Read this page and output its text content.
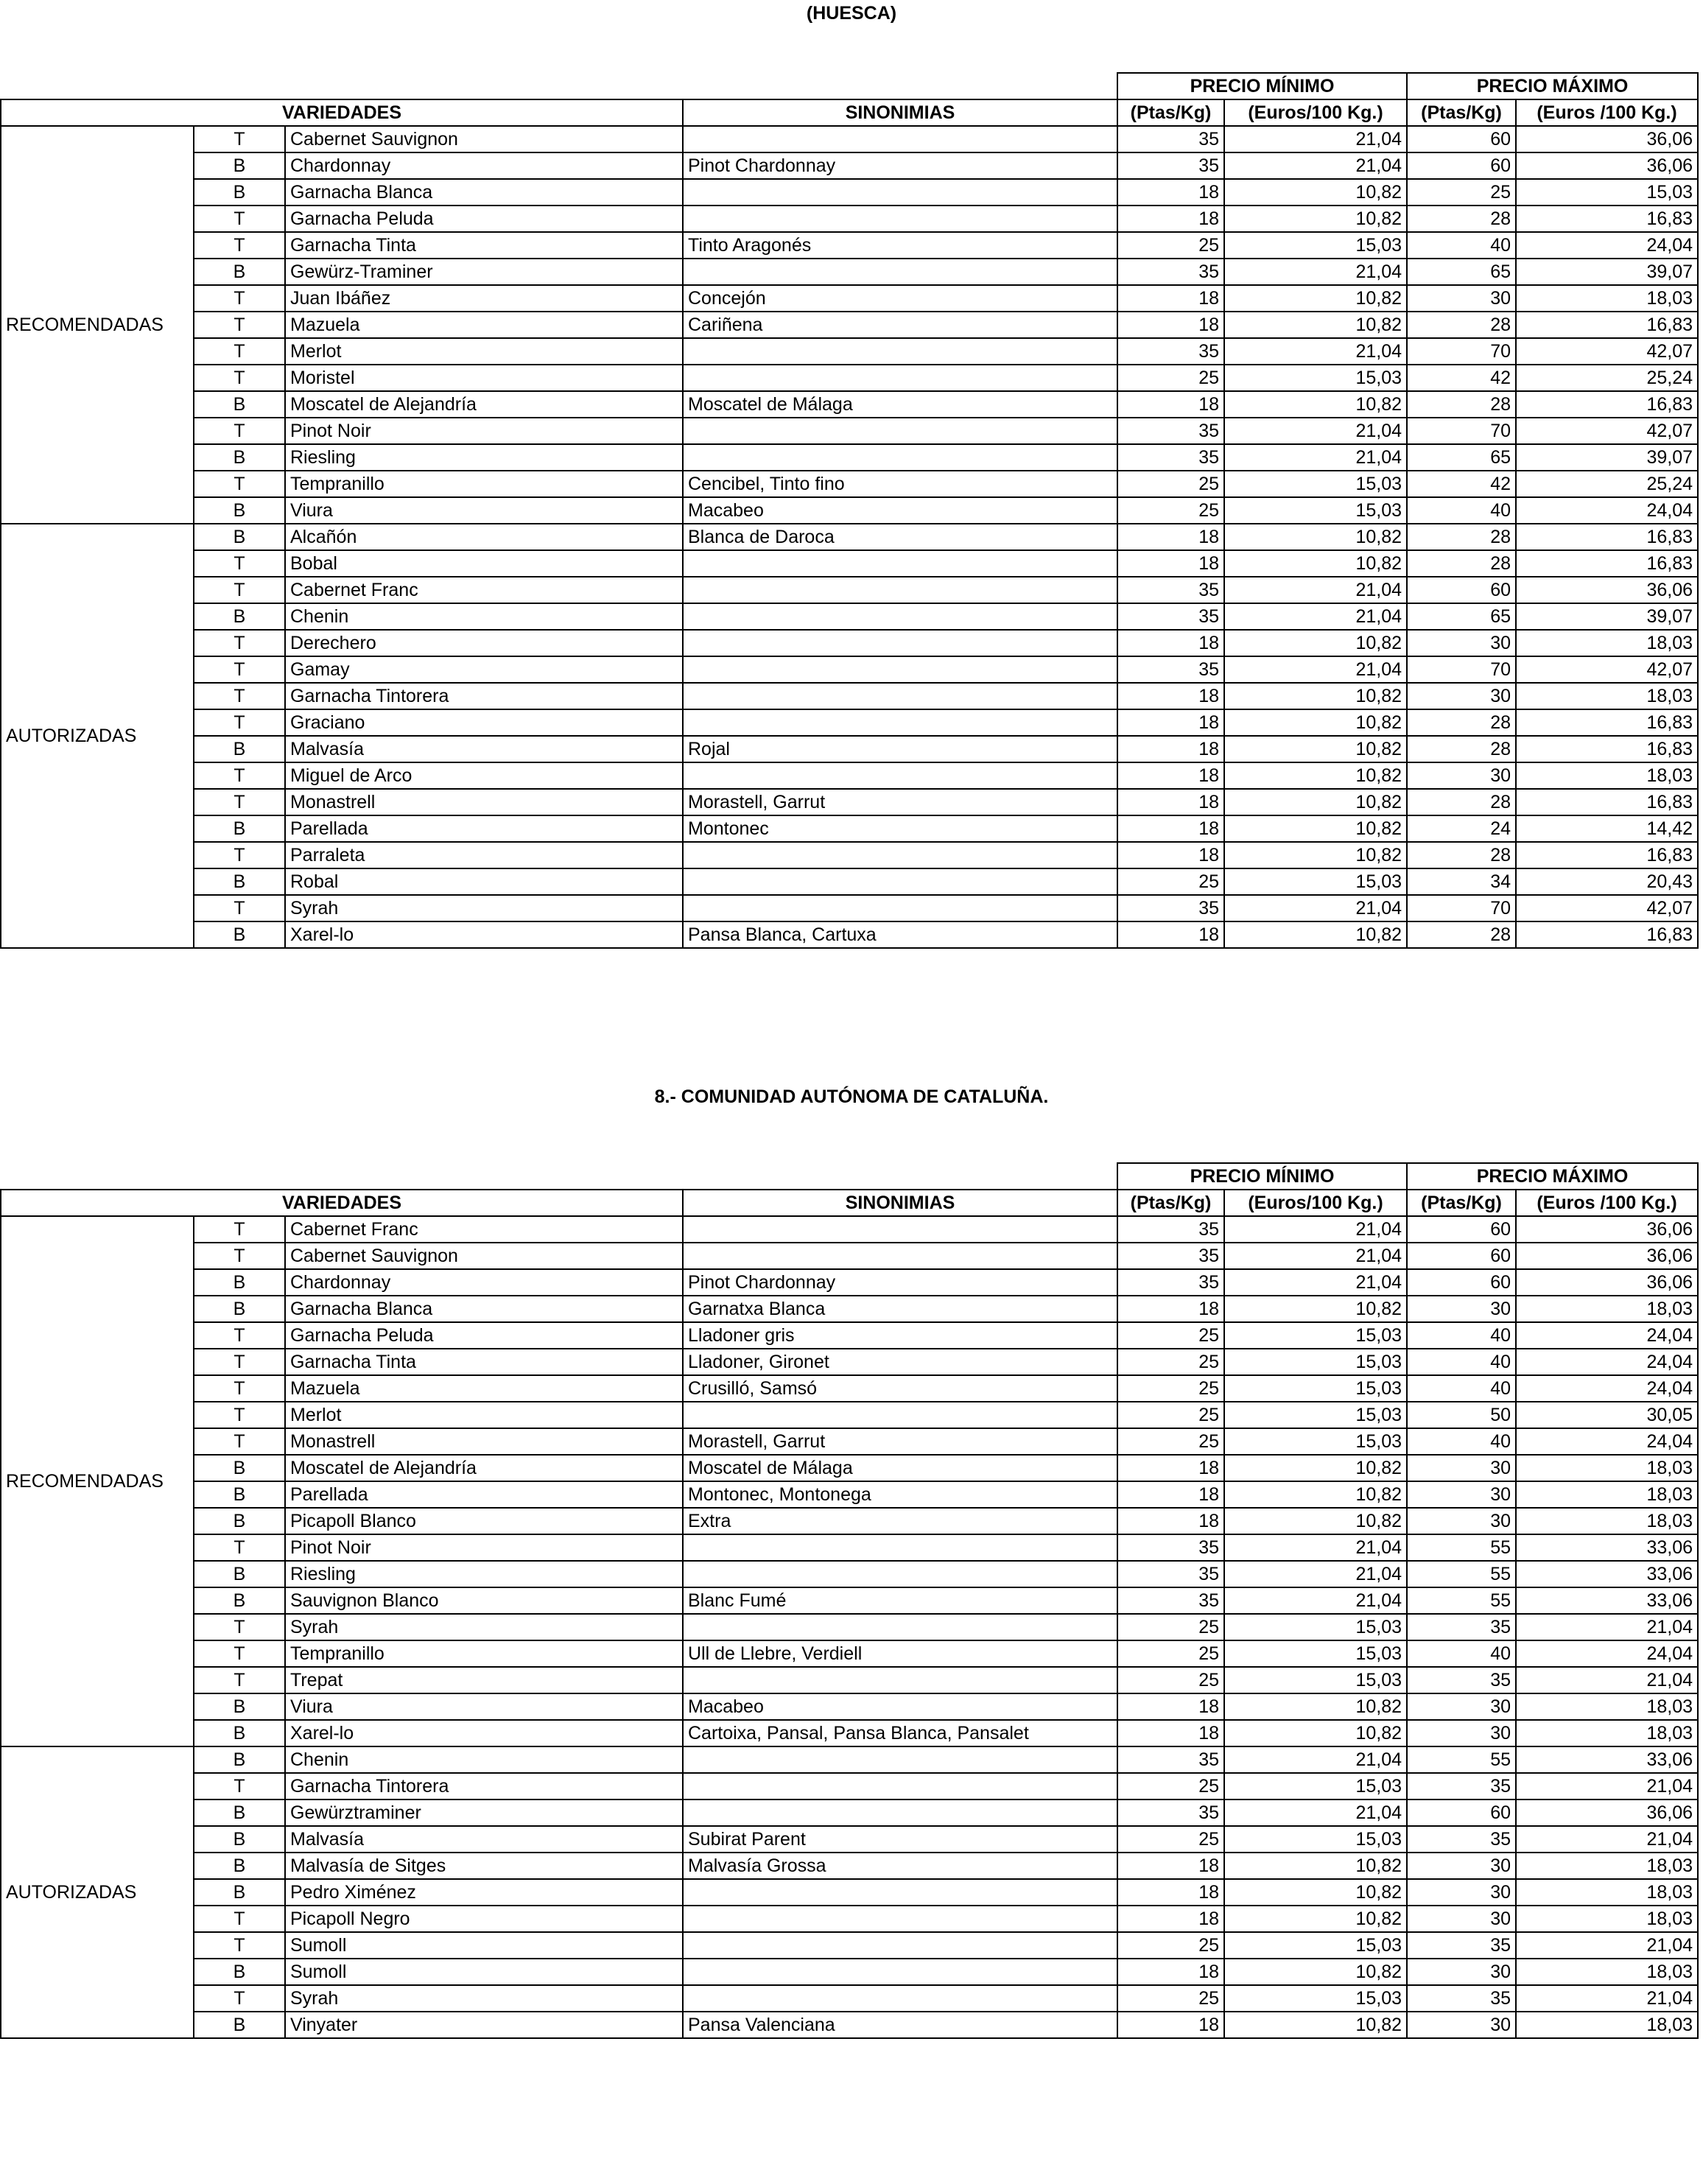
(HUESCA)
				PRECIO MÍNIMO		PRECIO MÁXIMO	
VARIEDADES			SINONIMIAS	(Ptas/Kg)	(Euros/100 Kg.)	(Ptas/Kg)	(Euros /100 Kg.)
RECOMENDADAS	T	Cabernet Sauvignon		35	21,04	60	36,06
	B	Chardonnay	Pinot Chardonnay	35	21,04	60	36,06
	B	Garnacha Blanca		18	10,82	25	15,03
	T	Garnacha Peluda		18	10,82	28	16,83
	T	Garnacha Tinta	Tinto Aragonés	25	15,03	40	24,04
	B	Gewürz-Traminer		35	21,04	65	39,07
	T	Juan Ibáñez	Concejón	18	10,82	30	18,03
	T	Mazuela	Cariñena	18	10,82	28	16,83
	T	Merlot		35	21,04	70	42,07
	T	Moristel		25	15,03	42	25,24
	B	Moscatel de Alejandría	Moscatel de Málaga	18	10,82	28	16,83
	T	Pinot Noir		35	21,04	70	42,07
	B	Riesling		35	21,04	65	39,07
	T	Tempranillo	Cencibel, Tinto fino	25	15,03	42	25,24
	B	Viura	Macabeo	25	15,03	40	24,04
AUTORIZADAS	B	Alcañón	Blanca de Daroca	18	10,82	28	16,83
	T	Bobal		18	10,82	28	16,83
	T	Cabernet Franc		35	21,04	60	36,06
	B	Chenin		35	21,04	65	39,07
	T	Derechero		18	10,82	30	18,03
	T	Gamay		35	21,04	70	42,07
	T	Garnacha Tintorera		18	10,82	30	18,03
	T	Graciano		18	10,82	28	16,83
	B	Malvasía	Rojal	18	10,82	28	16,83
	T	Miguel de Arco		18	10,82	30	18,03
	T	Monastrell	Morastell, Garrut	18	10,82	28	16,83
	B	Parellada	Montonec	18	10,82	24	14,42
	T	Parraleta		18	10,82	28	16,83
	B	Robal		25	15,03	34	20,43
	T	Syrah		35	21,04	70	42,07
	B	Xarel-lo	Pansa Blanca, Cartuxa	18	10,82	28	16,83
8.- COMUNIDAD AUTÓNOMA DE CATALUÑA.
				PRECIO MÍNIMO		PRECIO MÁXIMO	
VARIEDADES			SINONIMIAS	(Ptas/Kg)	(Euros/100 Kg.)	(Ptas/Kg)	(Euros /100 Kg.)
RECOMENDADAS	T	Cabernet Franc		35	21,04	60	36,06
	T	Cabernet Sauvignon		35	21,04	60	36,06
	B	Chardonnay	Pinot Chardonnay	35	21,04	60	36,06
	B	Garnacha Blanca	Garnatxa Blanca	18	10,82	30	18,03
	T	Garnacha Peluda	Lladoner gris	25	15,03	40	24,04
	T	Garnacha Tinta	Lladoner, Gironet	25	15,03	40	24,04
	T	Mazuela	Crusilló, Samsó	25	15,03	40	24,04
	T	Merlot		25	15,03	50	30,05
	T	Monastrell	Morastell, Garrut	25	15,03	40	24,04
	B	Moscatel de Alejandría	Moscatel de Málaga	18	10,82	30	18,03
	B	Parellada	Montonec, Montonega	18	10,82	30	18,03
	B	Picapoll Blanco	Extra	18	10,82	30	18,03
	T	Pinot Noir		35	21,04	55	33,06
	B	Riesling		35	21,04	55	33,06
	B	Sauvignon Blanco	Blanc Fumé	35	21,04	55	33,06
	T	Syrah		25	15,03	35	21,04
	T	Tempranillo	Ull de Llebre, Verdiell	25	15,03	40	24,04
	T	Trepat		25	15,03	35	21,04
	B	Viura	Macabeo	18	10,82	30	18,03
	B	Xarel-lo	Cartoixa, Pansal, Pansa Blanca, Pansalet	18	10,82	30	18,03
AUTORIZADAS	B	Chenin		35	21,04	55	33,06
	T	Garnacha Tintorera		25	15,03	35	21,04
	B	Gewürztraminer		35	21,04	60	36,06
	B	Malvasía	Subirat Parent	25	15,03	35	21,04
	B	Malvasía de Sitges	Malvasía Grossa	18	10,82	30	18,03
	B	Pedro Ximénez		18	10,82	30	18,03
	T	Picapoll Negro		18	10,82	30	18,03
	T	Sumoll		25	15,03	35	21,04
	B	Sumoll		18	10,82	30	18,03
	T	Syrah		25	15,03	35	21,04
	B	Vinyater	Pansa Valenciana	18	10,82	30	18,03
